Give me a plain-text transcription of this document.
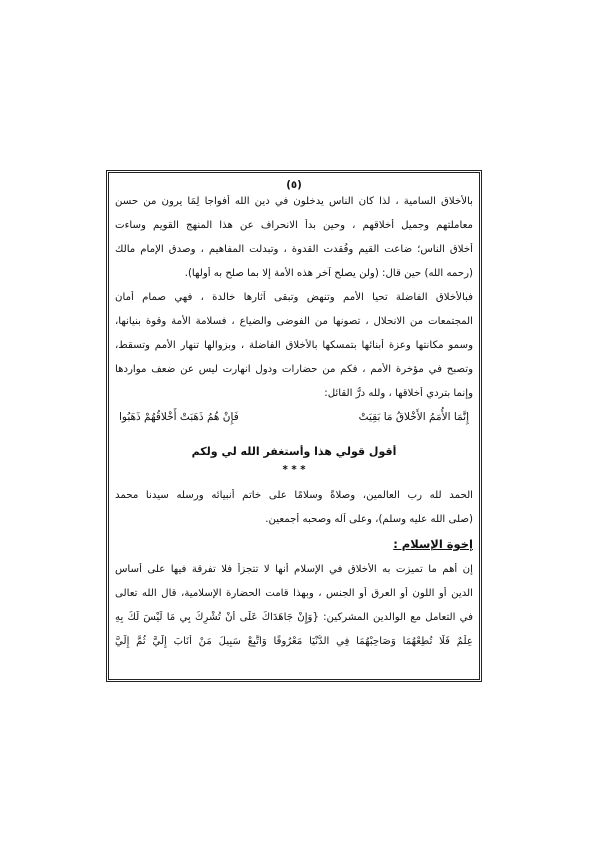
(٥)
بالأخلاق السامية ، لذا كان الناس يدخلون في دين الله أفواجا لِمَا يرون من حسن
معاملتهم وجميل أخلاقهم ، وحين بدأ الانحراف عن هذا المنهج القويم وساءت
أخلاق الناس؛ ضاعت القيم وفُقدت القدوة ، وتبدلت المفاهيم ، وصدق الإمام مالك
(رحمه الله) حين قال: (ولن يصلح آخر هذه الأمة إلا بما صلح به أولها).
فبالأخلاق الفاضلة تحيا الأمم وتنهض وتبقى آثارها خالدة ، فهي صمام أمان
المجتمعات من الانحلال ، تصونها من الفوضى والضياع ، فسلامة الأمة وقوة بنيانها،
وسمو مكانتها وعزة أبنائها بتمسكها بالأخلاق الفاضلة ، وبزوالها تنهار الأمم وتسقط،
وتصبح في مؤخرة الأمم ، فكم من حضارات ودول انهارت ليس عن ضعف مواردها
وإنما بتردي أخلاقها ، ولله درُّ القائل:
إِنَّمَا الأُمَمُ الأَخْلاقُ مَا بَقِيَتْ
فَإِنْ هُمُ ذَهَبَتْ أَخْلاقُهُمْ ذَهَبُوا
أقول قولي هذا وأستغفر الله لي ولكم
* * *
الحمد لله رب العالمين، وصلاةً وسلامًا على خاتم أنبيائه ورسله سيدنا محمد
(صلى الله عليه وسلم)، وعلى آله وصحبه أجمعين.
إخوة الإسلام :
إن أهم ما تميزت به الأخلاق في الإسلام أنها لا تتجزأ فلا تفرقة فيها على أساس
الدين أو اللون أو العرق أو الجنس ، وبهذا قامت الحضارة الإسلامية، قال الله تعالى
في التعامل مع الوالدين المشركين: {وَإِنْ جَاهَدَاكَ عَلَى أَنْ تُشْرِكَ بِي مَا لَيْسَ لَكَ بِهِ
عِلْمٌ فَلَا تُطِعْهُمَا وَصَاحِبْهُمَا فِي الدُّنْيَا مَعْرُوفًا وَاتَّبِعْ سَبِيلَ مَنْ أَنَابَ إِلَيَّ ثُمَّ إِلَيَّ
